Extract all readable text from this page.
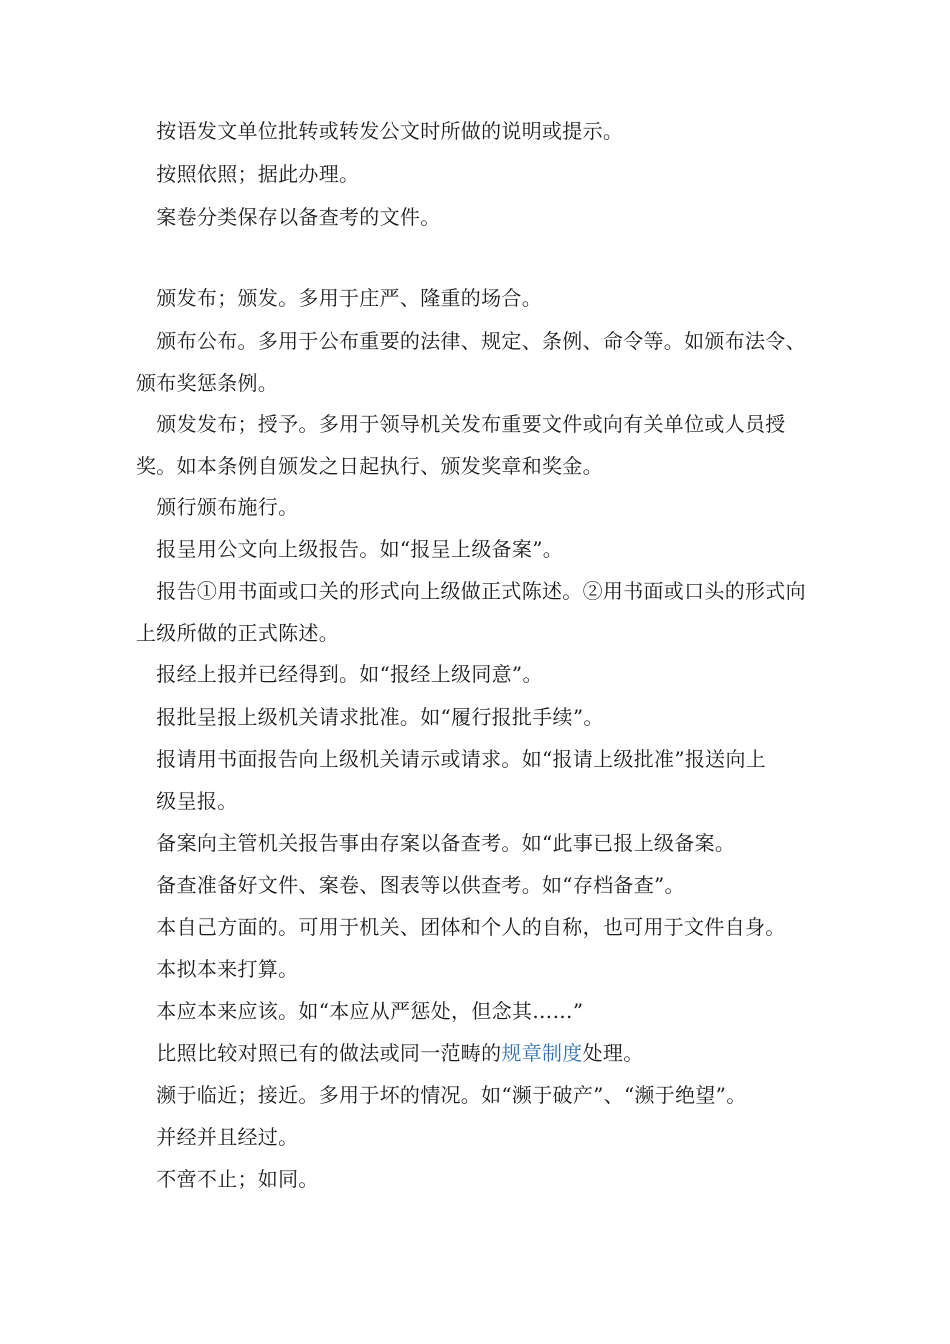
　按语发文单位批转或转发公文时所做的说明或提示。

　按照依照；据此办理。

　案卷分类保存以备查考的文件。

　颁发布；颁发。多用于庄严、隆重的场合。

　颁布公布。多用于公布重要的法律、规定、条例、命令等。如颁布法令、颁布奖惩条例。

　颁发发布；授予。多用于领导机关发布重要文件或向有关单位或人员授奖。如本条例自颁发之日起执行、颁发奖章和奖金。

　颁行颁布施行。

　报呈用公文向上级报告。如“报呈上级备案”。

　报告①用书面或口关的形式向上级做正式陈述。②用书面或口头的形式向上级所做的正式陈述。

　报经上报并已经得到。如“报经上级同意”。

　报批呈报上级机关请求批准。如“履行报批手续”。

　报请用书面报告向上级机关请示或请求。如“报请上级批准”报送向上

　级呈报。

　备案向主管机关报告事由存案以备查考。如“此事已报上级备案。

　备查准备好文件、案卷、图表等以供查考。如“存档备查”。

　本自己方面的。可用于机关、团体和个人的自称，也可用于文件自身。

　本拟本来打算。

　本应本来应该。如“本应从严惩处，但念其……”

　比照比较对照已有的做法或同一范畴的规章制度处理。

　濒于临近；接近。多用于坏的情况。如“濒于破产”、“濒于绝望”。

　并经并且经过。

　不啻不止；如同。
